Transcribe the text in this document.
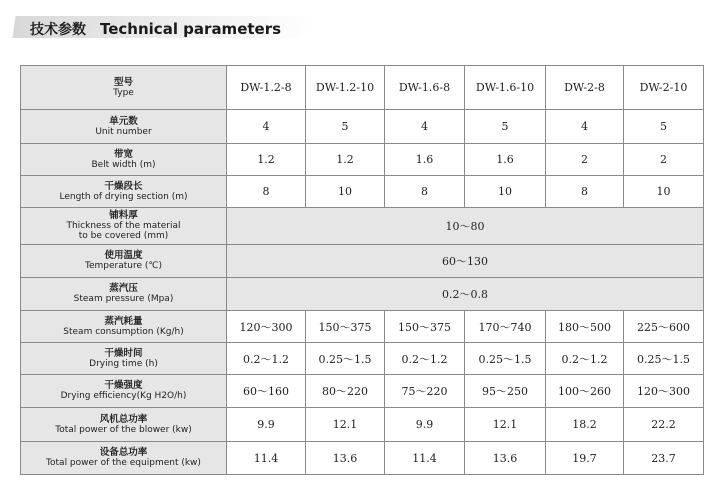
技术参数 Technical parameters
型号
Type	DW-1.2-8	DW-1.2-10	DW-1.6-8	DW-1.6-10	DW-2-8	DW-2-10

单元数
Unit number	4	5	4	5	4	5

带宽
Belt width (m)	1.2	1.2	1.6	1.6	2	2

干燥段长
Length of drying section (m)	8	10	8	10	8	10

铺料厚
Thickness of the material
to be covered (mm)	10～80					

使用温度
Temperature (℃)	60～130					

蒸汽压
Steam pressure (Mpa)	0.2～0.8					

蒸汽耗量
Steam consumption (Kg/h)	120～300	150～375	150～375	170～740	180～500	225～600

干燥时间
Drying time (h)	0.2～1.2	0.25～1.5	0.2～1.2	0.25～1.5	0.2～1.2	0.25～1.5

干燥强度
Drying efficiency(Kg H2O/h)	60～160	80～220	75～220	95～250	100～260	120～300

风机总功率
Total power of the blower (kw)	9.9	12.1	9.9	12.1	18.2	22.2

设备总功率
Total power of the equipment (kw)	11.4	13.6	11.4	13.6	19.7	23.7
